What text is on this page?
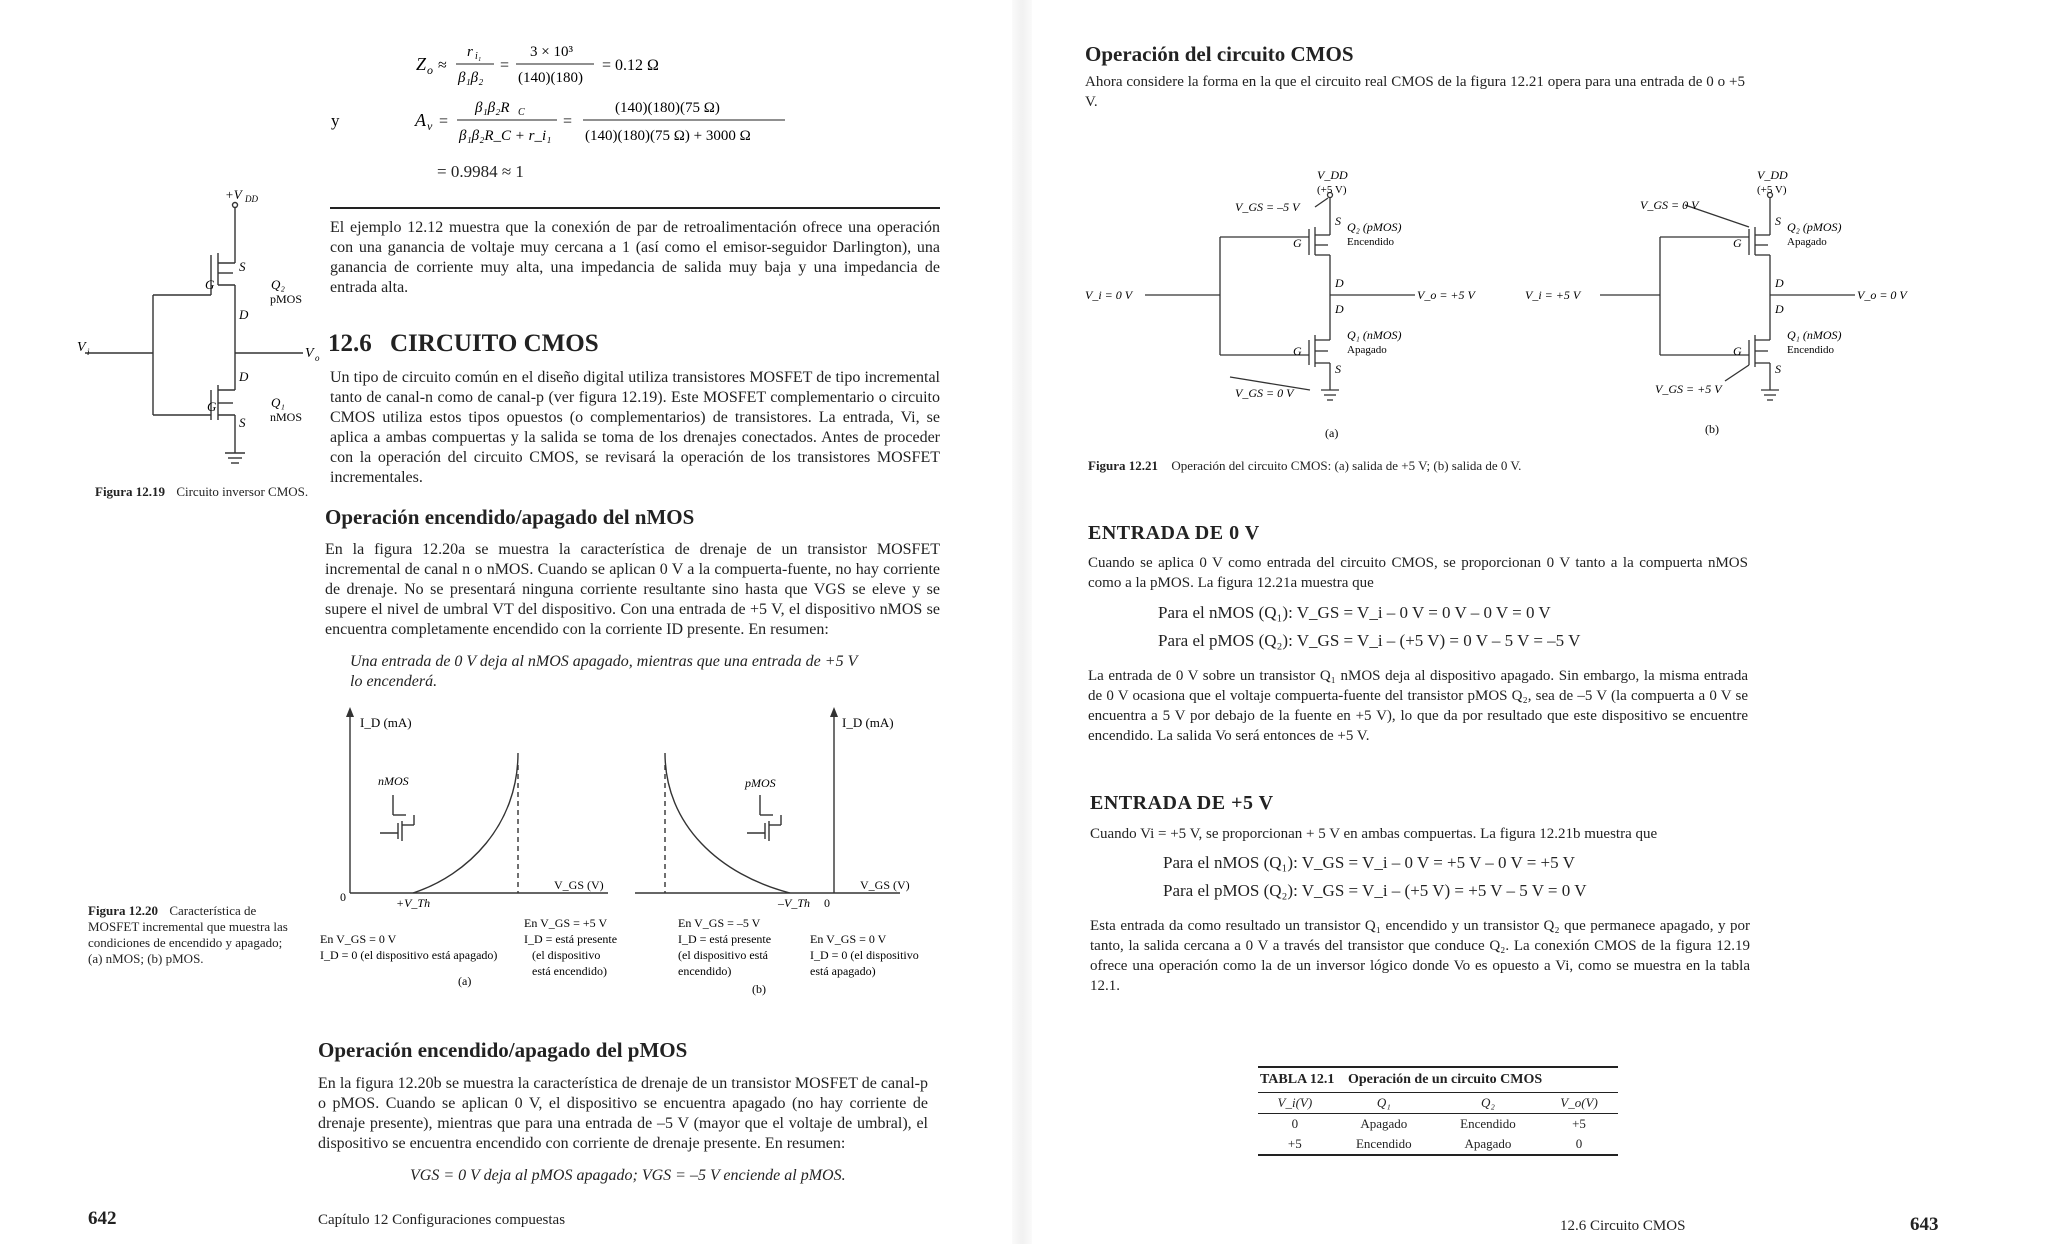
Z o ≈
r i₁
β₁β₂
=
3 × 10³
(140)(180)
= 0.12 Ω
y	A v =
β₁β₂R C
β₁β₂R_C + r_i₁
=
(140)(180)(75 Ω)
(140)(180)(75 Ω) + 3000 Ω
= 0.9984 ≈ 1
El ejemplo 12.12 muestra que la conexión de par de retroalimentación ofrece una operación con una ganancia de voltaje muy cercana a 1 (así como el emisor-seguidor Darlington), una ganancia de corriente muy alta, una impedancia de salida muy baja y una impedancia de entrada alta.
12.6 CIRCUITO CMOS
Un tipo de circuito común en el diseño digital utiliza transistores MOSFET de tipo incremental tanto de canal-n como de canal-p (ver figura 12.19). Este MOSFET complementario o circuito CMOS utiliza estos tipos opuestos (o complementarios) de transistores. La entrada, Vi, se aplica a ambas compuertas y la salida se toma de los drenajes conectados. Antes de proceder con la operación del circuito CMOS, se revisará la operación de los transistores MOSFET incrementales.
Operación encendido/apagado del nMOS
En la figura 12.20a se muestra la característica de drenaje de un transistor MOSFET incremental de canal n o nMOS. Cuando se aplican 0 V a la compuerta-fuente, no hay corriente de drenaje. No se presentará ninguna corriente resultante sino hasta que VGS se eleve y se supere el nivel de umbral VT del dispositivo. Con una entrada de +5 V, el dispositivo nMOS se encuentra completamente encendido con la corriente ID presente. En resumen:
Una entrada de 0 V deja al nMOS apagado, mientras que una entrada de +5 V
lo encenderá.
+V DD
G
S
D
G
D
S
Q₂
pMOS
Q₁
nMOS
V i	V o
Figura 12.19 Circuito inversor CMOS.
I_D (mA)
nMOS
0	+V_Th
V_GS (V)
En V_GS = 0 V
I_D = 0 (el dispositivo está apagado)
En V_GS = +5 V
I_D = está presente
(el dispositivo
está encendido)
(a)
I_D (mA)
pMOS
0
–V_Th
V_GS (V)
En V_GS = –5 V
I_D = está presente
(el dispositivo está
encendido)
En V_GS = 0 V
I_D = 0 (el dispositivo
está apagado)
(b)
Figura 12.20 Característica de MOSFET incremental que muestra las condiciones de encendido y apagado; (a) nMOS; (b) pMOS.
Operación encendido/apagado del pMOS
En la figura 12.20b se muestra la característica de drenaje de un transistor MOSFET de canal-p o pMOS. Cuando se aplican 0 V, el dispositivo se encuentra apagado (no hay corriente de drenaje presente), mientras que para una entrada de –5 V (mayor que el voltaje de umbral), el dispositivo se encuentra encendido con corriente de drenaje presente. En resumen:
VGS = 0 V deja al pMOS apagado; VGS = –5 V enciende al pMOS.
642	Capítulo 12 Configuraciones compuestas
Operación del circuito CMOS
Ahora considere la forma en la que el circuito real CMOS de la figura 12.21 opera para una entrada de 0 o +5 V.
V_DD
(+5 V)
V_GS = –5 V
V_GS = 0 V
V_i = 0 V	V_o = +5 V
Q₂ (pMOS)
Encendido
Q₁ (nMOS)
Apagado
G
S
D
G
D
S
(a)
V_DD
(+5 V)
V_GS = 0 V
V_GS = +5 V
V_i = +5 V	V_o = 0 V
Q₂ (pMOS)
Apagado
Q₁ (nMOS)
Encendido
G
S
D
G
D
S
(b)
Figura 12.21 Operación del circuito CMOS: (a) salida de +5 V; (b) salida de 0 V.
ENTRADA DE 0 V
Cuando se aplica 0 V como entrada del circuito CMOS, se proporcionan 0 V tanto a la compuerta nMOS como a la pMOS. La figura 12.21a muestra que
Para el nMOS (Q₁): V_GS = V_i – 0 V = 0 V – 0 V = 0 V
Para el pMOS (Q₂): V_GS = V_i – (+5 V) = 0 V – 5 V = –5 V
La entrada de 0 V sobre un transistor Q₁ nMOS deja al dispositivo apagado. Sin embargo, la misma entrada de 0 V ocasiona que el voltaje compuerta-fuente del transistor pMOS Q₂, sea de –5 V (la compuerta a 0 V se encuentra a 5 V por debajo de la fuente en +5 V), lo que da por resultado que este dispositivo se encuentre encendido. La salida Vo será entonces de +5 V.
ENTRADA DE +5 V
Cuando Vi = +5 V, se proporcionan + 5 V en ambas compuertas. La figura 12.21b muestra que
Para el nMOS (Q₁): V_GS = V_i – 0 V = +5 V – 0 V = +5 V
Para el pMOS (Q₂): V_GS = V_i – (+5 V) = +5 V – 5 V = 0 V
Esta entrada da como resultado un transistor Q₁ encendido y un transistor Q₂ que permanece apagado, y por tanto, la salida cercana a 0 V a través del transistor que conduce Q₂. La conexión CMOS de la figura 12.19 ofrece una operación como la de un inversor lógico donde Vo es opuesto a Vi, como se muestra en la tabla 12.1.
TABLA 12.1 Operación de un circuito CMOS
V_i(V)	Q₁	Q₂	V_o(V)
0	Apagado	Encendido	+5
+5	Encendido	Apagado	0
12.6 Circuito CMOS	643
